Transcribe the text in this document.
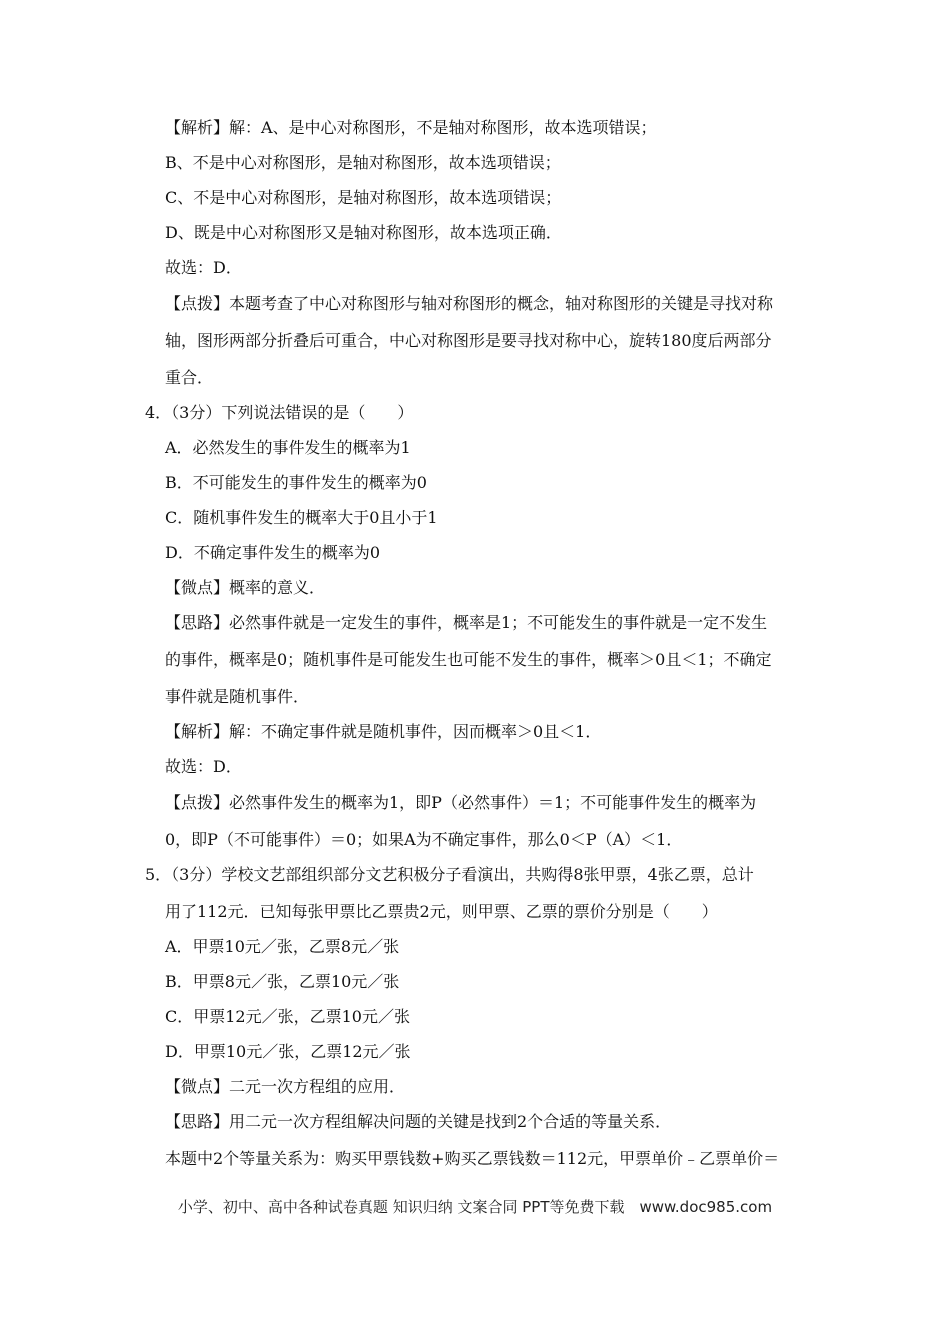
【解析】解：A、是中心对称图形，不是轴对称图形，故本选项错误；
B、不是中心对称图形，是轴对称图形，故本选项错误；
C、不是中心对称图形，是轴对称图形，故本选项错误；
D、既是中心对称图形又是轴对称图形，故本选项正确．
故选：D．
【点拨】本题考查了中心对称图形与轴对称图形的概念，轴对称图形的关键是寻找对称
轴，图形两部分折叠后可重合，中心对称图形是要寻找对称中心，旋转180度后两部分
重合．
4．（3分）下列说法错误的是（　　）
A．必然发生的事件发生的概率为1
B．不可能发生的事件发生的概率为0
C．随机事件发生的概率大于0且小于1
D．不确定事件发生的概率为0
【微点】概率的意义．
【思路】必然事件就是一定发生的事件，概率是1；不可能发生的事件就是一定不发生
的事件，概率是0；随机事件是可能发生也可能不发生的事件，概率＞0且＜1；不确定
事件就是随机事件．
【解析】解：不确定事件就是随机事件，因而概率＞0且＜1．
故选：D．
【点拨】必然事件发生的概率为1，即P（必然事件）＝1；不可能事件发生的概率为
0，即P（不可能事件）＝0；如果A为不确定事件，那么0＜P（A）＜1．
5．（3分）学校文艺部组织部分文艺积极分子看演出，共购得8张甲票，4张乙票，总计
用了112元．已知每张甲票比乙票贵2元，则甲票、乙票的票价分别是（　　）
A．甲票10元／张，乙票8元／张
B．甲票8元／张，乙票10元／张
C．甲票12元／张，乙票10元／张
D．甲票10元／张，乙票12元／张
【微点】二元一次方程组的应用．
【思路】用二元一次方程组解决问题的关键是找到2个合适的等量关系．
本题中2个等量关系为：购买甲票钱数+购买乙票钱数＝112元，甲票单价﹣乙票单价＝
小学、初中、高中各种试卷真题 知识归纳 文案合同 PPT等免费下载　www.doc985.com
